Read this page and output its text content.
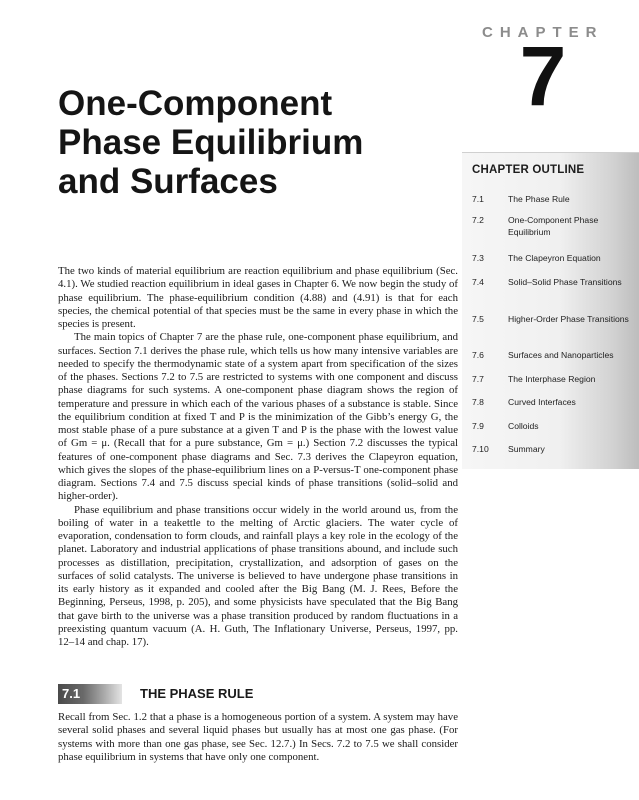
CHAPTER
7
One-Component
Phase Equilibrium
and Surfaces	CHAPTER OUTLINE
7.1	The Phase Rule
7.2	One-Component Phase Equilibrium
7.3	The Clapeyron Equation
7.4	Solid–Solid Phase Transitions
7.5	Higher-Order Phase Transitions
7.6	Surfaces and Nanoparticles
7.7	The Interphase Region
7.8	Curved Interfaces
7.9	Colloids
7.10	Summary

The two kinds of material equilibrium are reaction equilibrium and phase equilibrium (Sec. 4.1). We studied reaction equilibrium in ideal gases in Chapter 6. We now begin the study of phase equilibrium. The phase-equilibrium condition (4.88) and (4.91) is that for each species, the chemical potential of that species must be the same in every phase in which the species is present.

The main topics of Chapter 7 are the phase rule, one-component phase equilibrium, and surfaces. Section 7.1 derives the phase rule, which tells us how many intensive variables are needed to specify the thermodynamic state of a system apart from specification of the sizes of the phases. Sections 7.2 to 7.5 are restricted to systems with one component and discuss phase diagrams for such systems. A one-component phase diagram shows the region of temperature and pressure in which each of the various phases of a substance is stable. Since the equilibrium condition at fixed T and P is the minimization of the Gibb’s energy G, the most stable phase of a pure substance at a given T and P is the phase with the lowest value of Gm = μ. (Recall that for a pure substance, Gm = μ.) Section 7.2 discusses the typical features of one-component phase diagrams and Sec. 7.3 derives the Clapeyron equation, which gives the slopes of the phase-equilibrium lines on a P-versus-T one-component phase diagram. Sections 7.4 and 7.5 discuss special kinds of phase transitions (solid–solid and higher-order).

Phase equilibrium and phase transitions occur widely in the world around us, from the boiling of water in a teakettle to the melting of Arctic glaciers. The water cycle of evaporation, condensation to form clouds, and rainfall plays a key role in the ecology of the planet. Laboratory and industrial applications of phase transitions abound, and include such processes as distillation, precipitation, crystallization, and adsorption of gases on the surfaces of solid catalysts. The universe is believed to have undergone phase transitions in its early history as it expanded and cooled after the Big Bang (M. J. Rees, Before the Beginning, Perseus, 1998, p. 205), and some physicists have speculated that the Big Bang that gave birth to the universe was a phase transition produced by random fluctuations in a preexisting quantum vacuum (A. H. Guth, The Inflationary Universe, Perseus, 1997, pp. 12–14 and chap. 17).

7.1	THE PHASE RULE
Recall from Sec. 1.2 that a phase is a homogeneous portion of a system. A system may have several solid phases and several liquid phases but usually has at most one gas phase. (For systems with more than one gas phase, see Sec. 12.7.) In Secs. 7.2 to 7.5 we shall consider phase equilibrium in systems that have only one component.
